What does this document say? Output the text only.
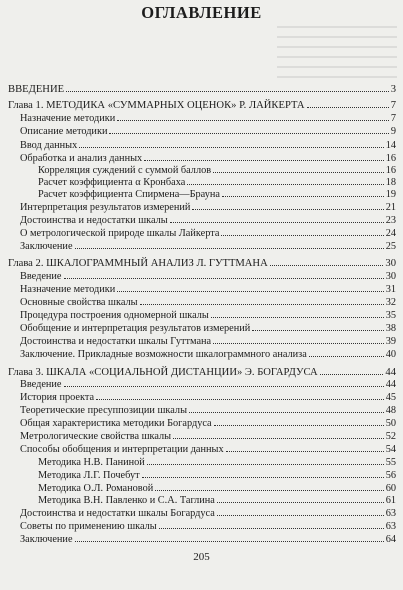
ОГЛАВЛЕНИЕ
ВВЕДЕНИЕ	3
Глава 1. МЕТОДИКА «СУММАРНЫХ ОЦЕНОК» Р. ЛАЙКЕРТА	7
Назначение методики	7
Описание методики	9
Ввод данных	14
Обработка и анализ данных	16
Корреляция суждений с суммой баллов	16
Расчет коэффициента α Кронбаха	18
Расчет коэффициента Спирмена—Брауна	19
Интерпретация результатов измерений	21
Достоинства и недостатки шкалы	23
О метрологической природе шкалы Лайкерта	24
Заключение	25
Глава 2. ШКАЛОГРАММНЫЙ АНАЛИЗ Л. ГУТТМАНА	30
Введение	30
Назначение методики	31
Основные свойства шкалы	32
Процедура построения одномерной шкалы	35
Обобщение и интерпретация результатов измерений	38
Достоинства и недостатки шкалы Гуттмана	39
Заключение. Прикладные возможности шкалограммного анализа	40
Глава 3. ШКАЛА «СОЦИАЛЬНОЙ ДИСТАНЦИИ» Э. БОГАРДУСА	44
Введение	44
История проекта	45
Теоретические пресуппозиции шкалы	48
Общая характеристика методики Богардуса	50
Метрологические свойства шкалы	52
Способы обобщения и интерпретации данных	54
Методика Н.В. Паниной	55
Методика Л.Г. Почебут	56
Методика О.Л. Романовой	60
Методика В.Н. Павленко и С.А. Таглина	61
Достоинства и недостатки шкалы Богардуса	63
Советы по применению шкалы	63
Заключение	64
205
